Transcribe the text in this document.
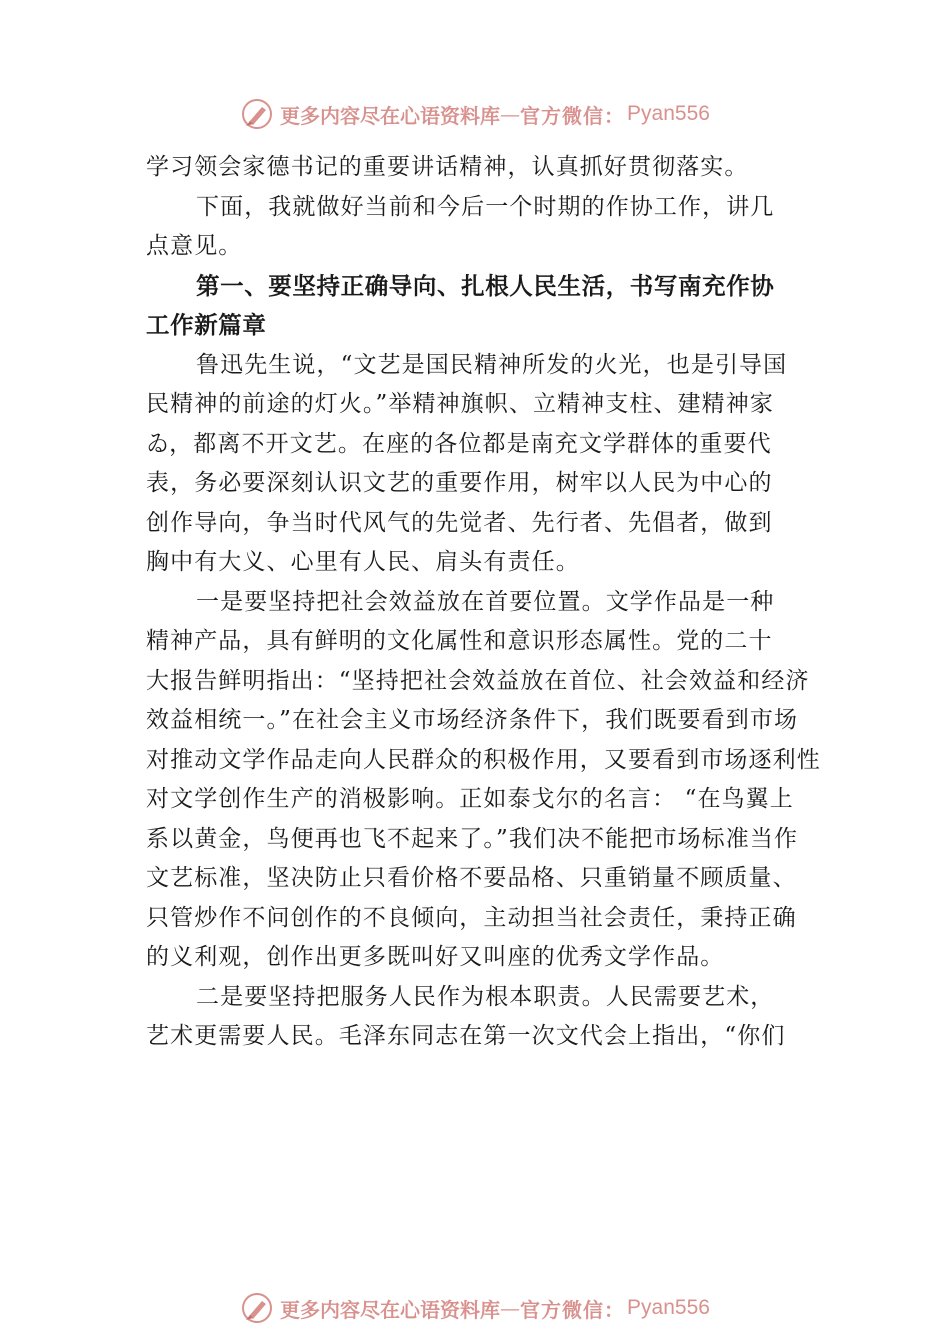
更多内容尽在心语资料库 — 官方微信： Pyan556
学习领会家德书记的重要讲话精神，认真抓好贯彻落实。
下面，我就做好当前和今后一个时期的作协工作，讲几
点意见。
第一、要坚持正确导向、扎根人民生活，书写南充作协
工作新篇章
鲁迅先生说，“文艺是国民精神所发的火光，也是引导国
民精神的前途的灯火。”举精神旗帜、立精神支柱、建精神家
ゐ，都离不开文艺。在座的各位都是南充文学群体的重要代
表，务必要深刻认识文艺的重要作用，树牢以人民为中心的
创作导向，争当时代风气的先觉者、先行者、先倡者，做到
胸中有大义、心里有人民、肩头有责任。
一是要坚持把社会效益放在首要位置。文学作品是一种
精神产品，具有鲜明的文化属性和意识形态属性。党的二十
大报告鲜明指出：“坚持把社会效益放在首位、社会效益和经济
效益相统一。”在社会主义市场经济条件下，我们既要看到市场
对推动文学作品走向人民群众的积极作用，又要看到市场逐利性
对文学创作生产的消极影响。正如泰戈尔的名言： “在鸟翼上
系以黄金，鸟便再也飞不起来了。”我们决不能把市场标准当作
文艺标准，坚决防止只看价格不要品格、只重销量不顾质量、
只管炒作不问创作的不良倾向，主动担当社会责任，秉持正确
的义利观，创作出更多既叫好又叫座的优秀文学作品。
二是要坚持把服务人民作为根本职责。人民需要艺术，
艺术更需要人民。毛泽东同志在第一次文代会上指出，“你们
更多内容尽在心语资料库 — 官方微信： Pyan556
